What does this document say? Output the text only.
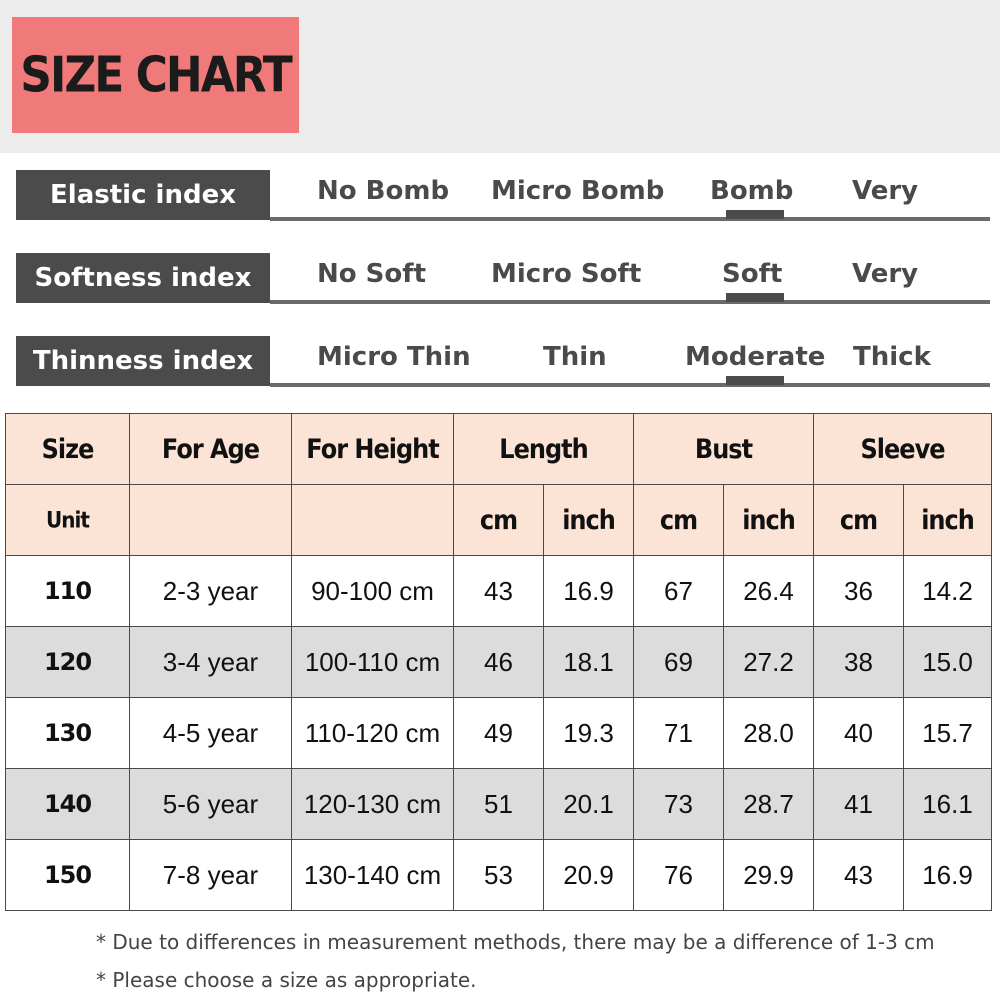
SIZE CHART
Elastic index	No Bomb Micro Bomb Bomb Very
Softness index	No Soft Micro Soft	Soft	Very
Thinness index	Micro Thin	Thin	Moderate Thick
Size	For Age	For Height	Length		Bust		Sleeve	
Unit			cm	inch	cm	inch	cm	inch
110	2-3 year	90-100 cm	43	16.9	67	26.4	36	14.2
120	3-4 year	100-110 cm	46	18.1	69	27.2	38	15.0
130	4-5 year	110-120 cm	49	19.3	71	28.0	40	15.7
140	5-6 year	120-130 cm	51	20.1	73	28.7	41	16.1
150	7-8 year	130-140 cm	53	20.9	76	29.9	43	16.9
* Due to differences in measurement methods, there may be a difference of 1-3 cm
* Please choose a size as appropriate.
